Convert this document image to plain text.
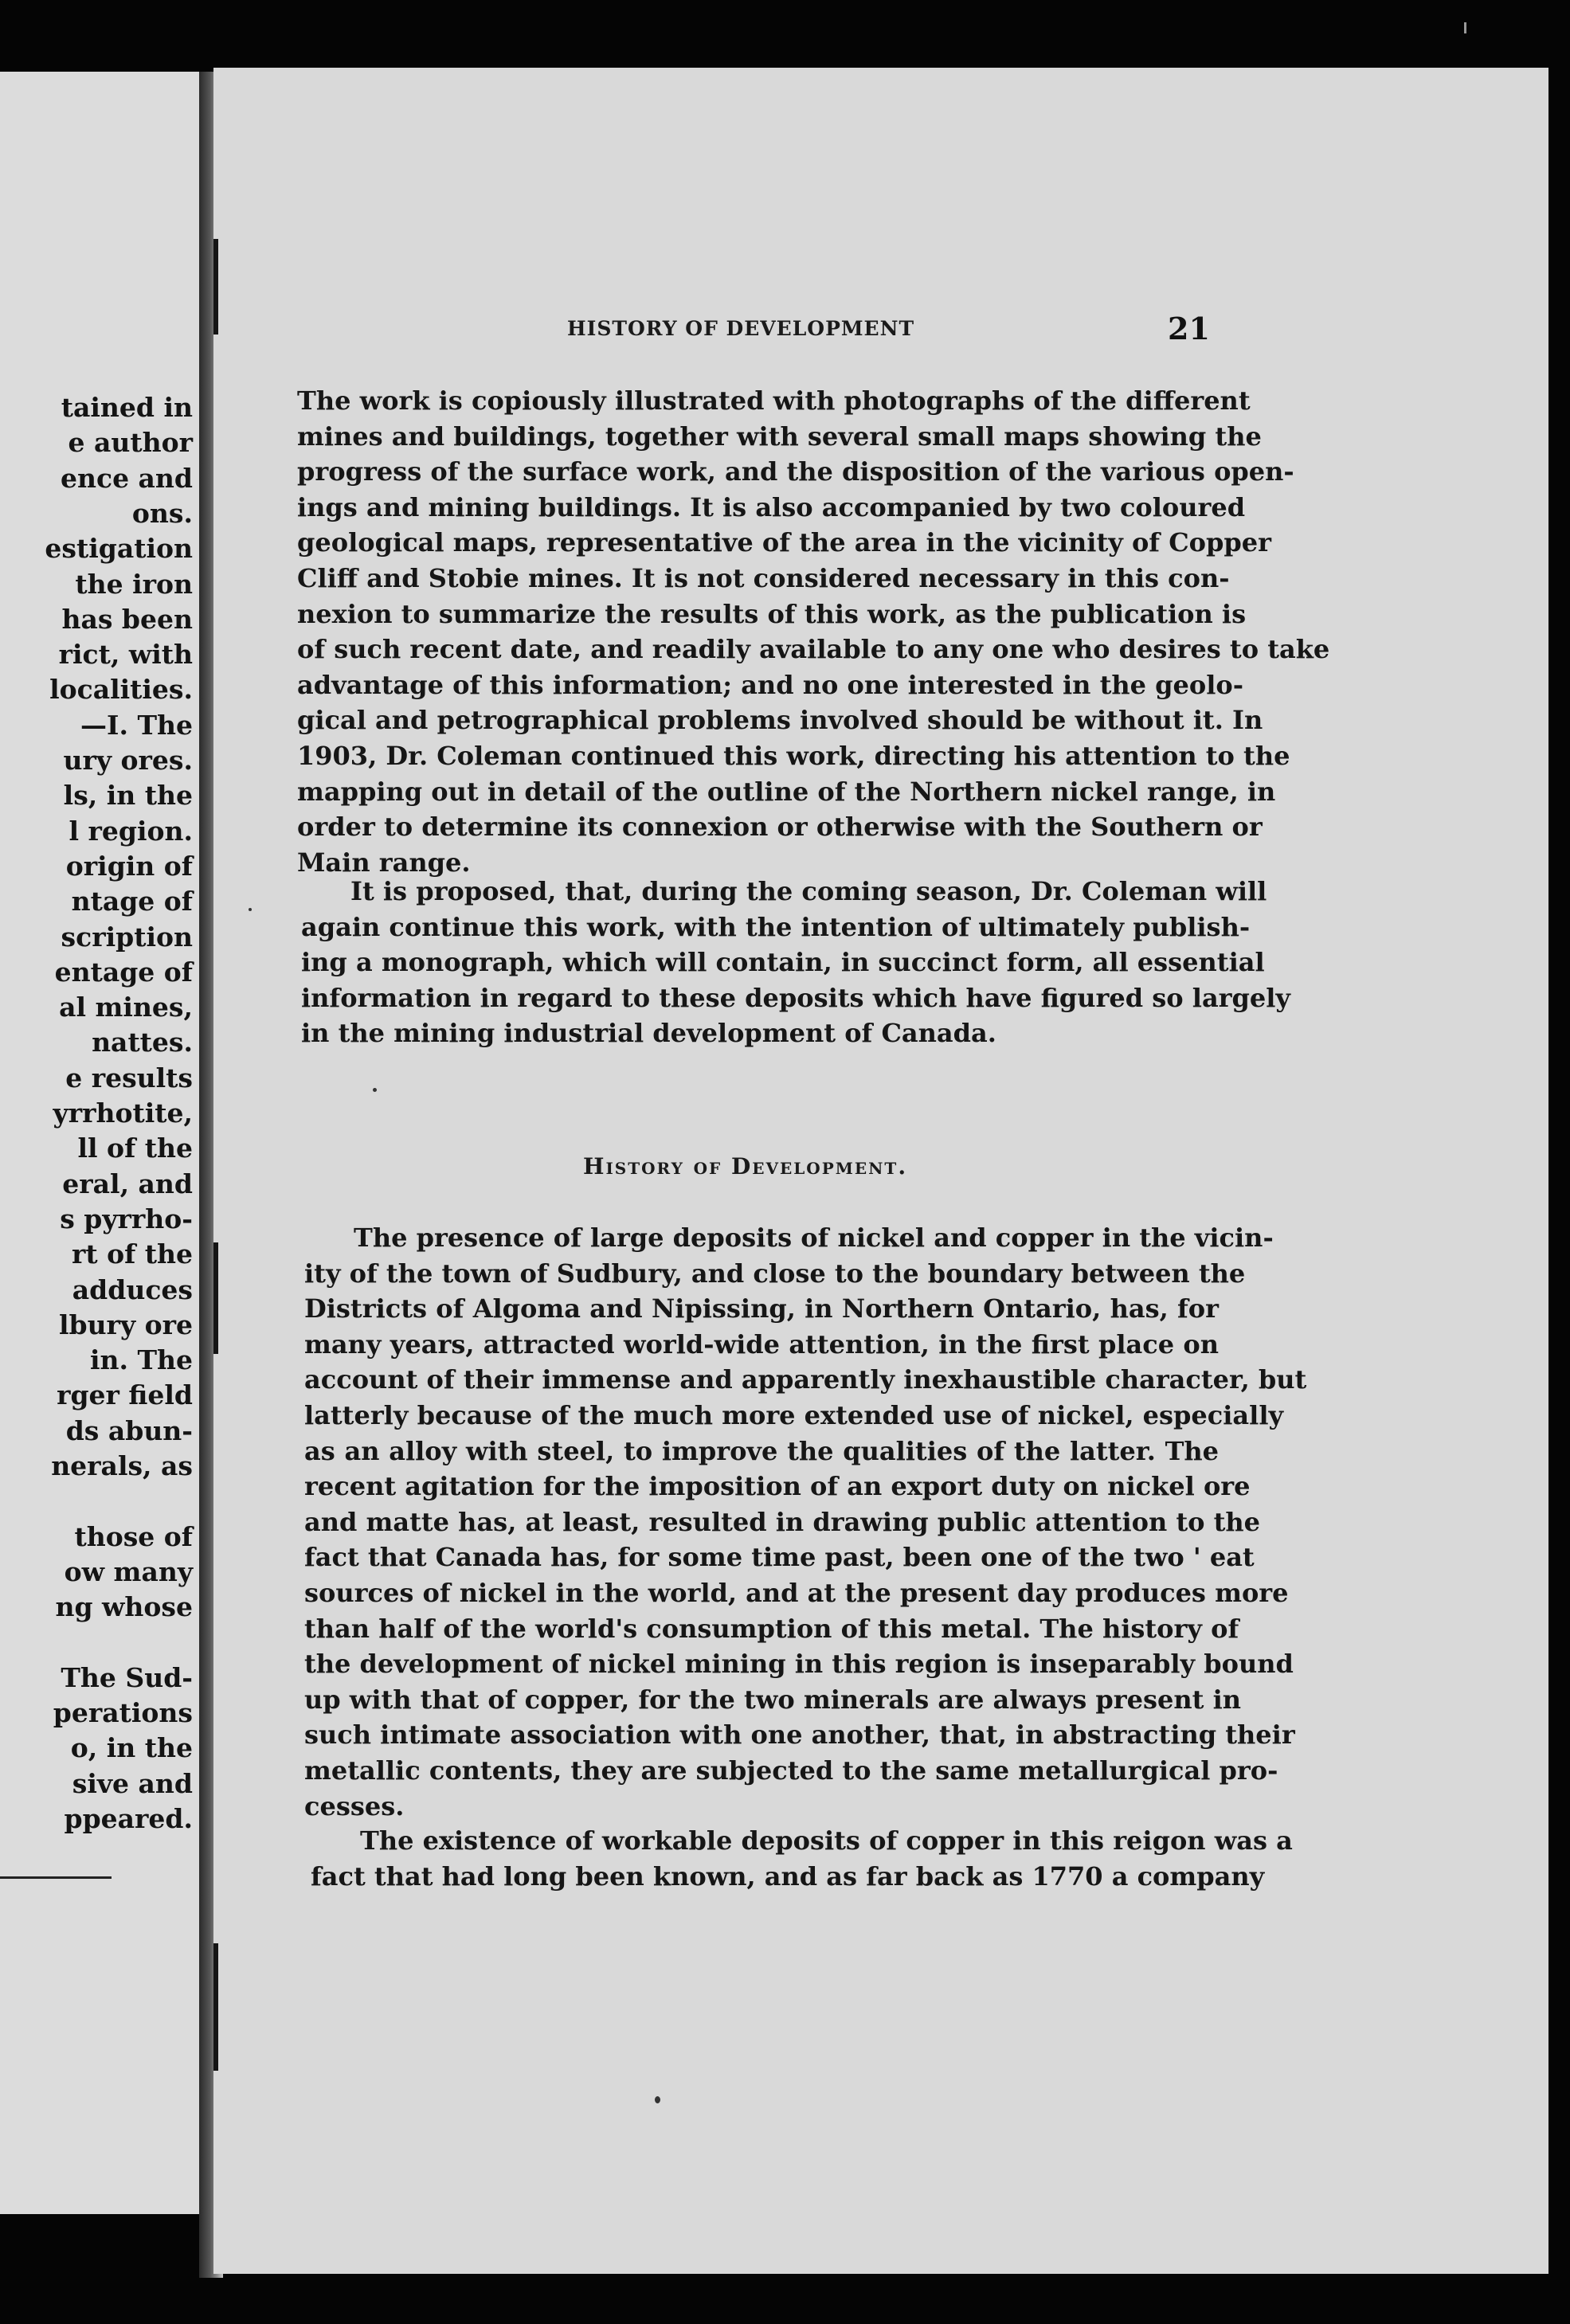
HISTORY OF DEVELOPMENT	21
History of Development.
tained in
e author
ence and
ons.
estigation
the iron
has been
rict, with
localities.
—I. The
ury ores.
ls, in the
l region.
origin of
ntage of
scription
entage of
al mines,
nattes.
e results
yrrhotite,
ll of the
eral, and
s pyrrho-
rt of the
adduces
lbury ore
in. The
rger field
ds abun-
nerals, as
those of
ow many
ng whose
The Sud-
perations
o, in the
sive and
ppeared.
The work is copiously illustrated with photographs of the different
mines and buildings, together with several small maps showing the
progress of the surface work, and the disposition of the various open-
ings and mining buildings. It is also accompanied by two coloured
geological maps, representative of the area in the vicinity of Copper
Cliff and Stobie mines. It is not considered necessary in this con-
nexion to summarize the results of this work, as the publication is
of such recent date, and readily available to any one who desires to take
advantage of this information; and no one interested in the geolo-
gical and petrographical problems involved should be without it. In
1903, Dr. Coleman continued this work, directing his attention to the
mapping out in detail of the outline of the Northern nickel range, in
order to determine its connexion or otherwise with the Southern or
Main range.
It is proposed, that, during the coming season, Dr. Coleman will
again continue this work, with the intention of ultimately publish-
ing a monograph, which will contain, in succinct form, all essential
information in regard to these deposits which have figured so largely
in the mining industrial development of Canada.
The presence of large deposits of nickel and copper in the vicin-
ity of the town of Sudbury, and close to the boundary between the
Districts of Algoma and Nipissing, in Northern Ontario, has, for
many years, attracted world-wide attention, in the first place on
account of their immense and apparently inexhaustible character, but
latterly because of the much more extended use of nickel, especially
as an alloy with steel, to improve the qualities of the latter. The
recent agitation for the imposition of an export duty on nickel ore
and matte has, at least, resulted in drawing public attention to the
fact that Canada has, for some time past, been one of the two ' eat
sources of nickel in the world, and at the present day produces more
than half of the world's consumption of this metal. The history of
the development of nickel mining in this region is inseparably bound
up with that of copper, for the two minerals are always present in
such intimate association with one another, that, in abstracting their
metallic contents, they are subjected to the same metallurgical pro-
cesses.
The existence of workable deposits of copper in this reigon was a
fact that had long been known, and as far back as 1770 a company
